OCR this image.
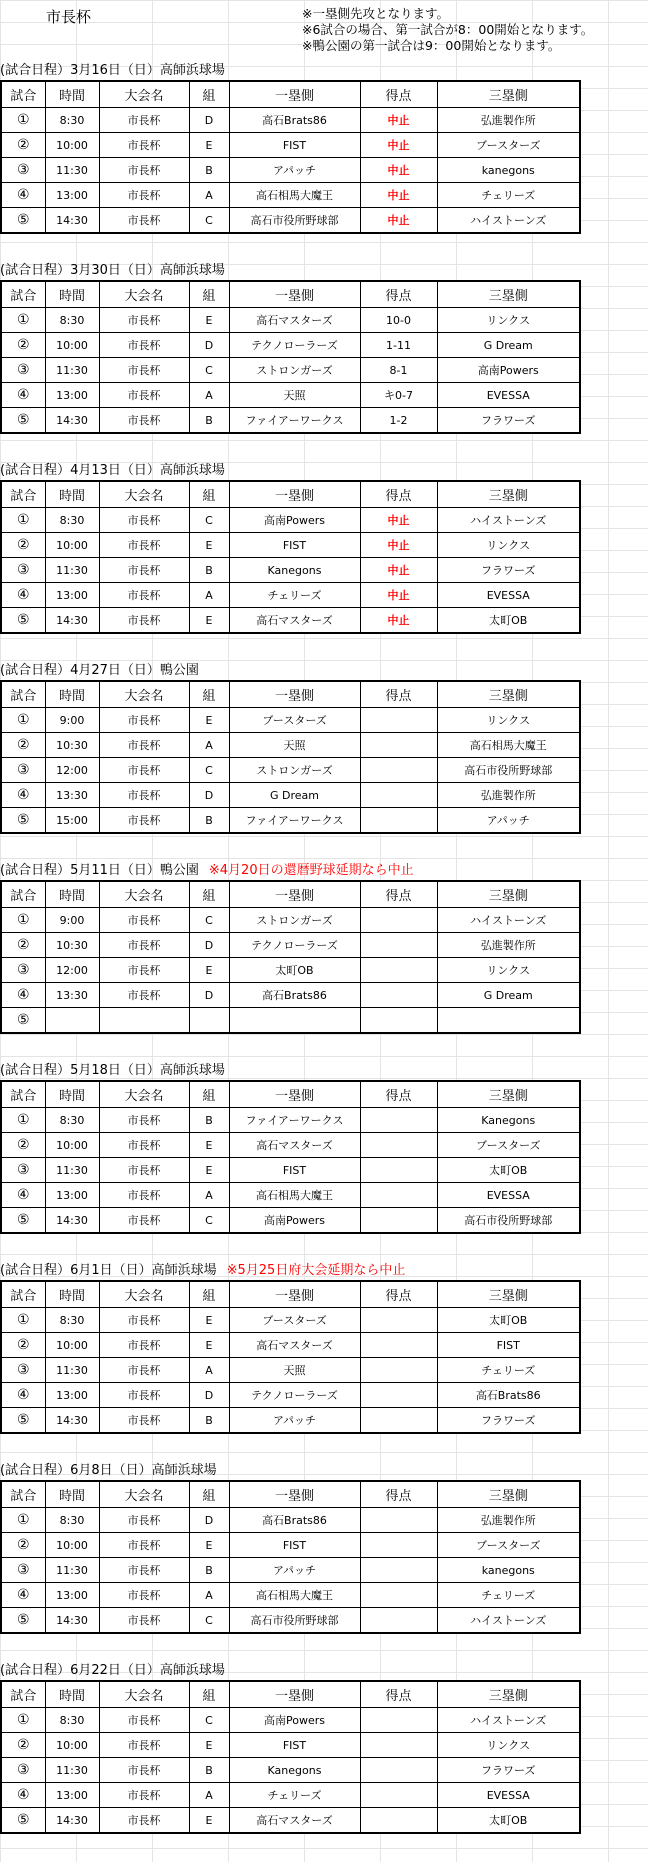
市長杯	※一塁側先攻となります。
※6試合の場合、第一試合が8：00開始となります。
※鴨公園の第一試合は9：00開始となります。
(試合日程）3月16日（日）高師浜球場
試合	時間	大会名	組	一塁側	得点	三塁側
①	8:30	市長杯	D	高石Brats86	中止	弘進製作所
②	10:00	市長杯	E	FIST	中止	ブースターズ
③	11:30	市長杯	B	アパッチ	中止	kanegons
④	13:00	市長杯	A	高石相馬大魔王	中止	チェリーズ
⑤	14:30	市長杯	C	高石市役所野球部	中止	ハイストーンズ
(試合日程）3月30日（日）高師浜球場
試合	時間	大会名	組	一塁側	得点	三塁側
①	8:30	市長杯	E	高石マスターズ	10-0	リンクス
②	10:00	市長杯	D	テクノローラーズ	1-11	G Dream
③	11:30	市長杯	C	ストロンガーズ	8-1	高南Powers
④	13:00	市長杯	A	天照	キ0-7	EVESSA
⑤	14:30	市長杯	B	ファイアーワークス	1-2	フラワーズ
(試合日程）4月13日（日）高師浜球場
試合	時間	大会名	組	一塁側	得点	三塁側
①	8:30	市長杯	C	高南Powers	中止	ハイストーンズ
②	10:00	市長杯	E	FIST	中止	リンクス
③	11:30	市長杯	B	Kanegons	中止	フラワーズ
④	13:00	市長杯	A	チェリーズ	中止	EVESSA
⑤	14:30	市長杯	E	高石マスターズ	中止	太町OB
(試合日程）4月27日（日）鴨公園
試合	時間	大会名	組	一塁側	得点	三塁側
①	9:00	市長杯	E	ブースターズ		リンクス
②	10:30	市長杯	A	天照		高石相馬大魔王
③	12:00	市長杯	C	ストロンガーズ		高石市役所野球部
④	13:30	市長杯	D	G Dream		弘進製作所
⑤	15:00	市長杯	B	ファイアーワークス		アパッチ
(試合日程）5月11日（日）鴨公園 ※4月20日の還暦野球延期なら中止
試合	時間	大会名	組	一塁側	得点	三塁側
①	9:00	市長杯	C	ストロンガーズ		ハイストーンズ
②	10:30	市長杯	D	テクノローラーズ		弘進製作所
③	12:00	市長杯	E	太町OB		リンクス
④	13:30	市長杯	D	高石Brats86		G Dream
⑤						
(試合日程）5月18日（日）高師浜球場
試合	時間	大会名	組	一塁側	得点	三塁側
①	8:30	市長杯	B	ファイアーワークス		Kanegons
②	10:00	市長杯	E	高石マスターズ		ブースターズ
③	11:30	市長杯	E	FIST		太町OB
④	13:00	市長杯	A	高石相馬大魔王		EVESSA
⑤	14:30	市長杯	C	高南Powers		高石市役所野球部
(試合日程）6月1日（日）高師浜球場 ※5月25日府大会延期なら中止
試合	時間	大会名	組	一塁側	得点	三塁側
①	8:30	市長杯	E	ブースターズ		太町OB
②	10:00	市長杯	E	高石マスターズ		FIST
③	11:30	市長杯	A	天照		チェリーズ
④	13:00	市長杯	D	テクノローラーズ		高石Brats86
⑤	14:30	市長杯	B	アパッチ		フラワーズ
(試合日程）6月8日（日）高師浜球場
試合	時間	大会名	組	一塁側	得点	三塁側
①	8:30	市長杯	D	高石Brats86		弘進製作所
②	10:00	市長杯	E	FIST		ブースターズ
③	11:30	市長杯	B	アパッチ		kanegons
④	13:00	市長杯	A	高石相馬大魔王		チェリーズ
⑤	14:30	市長杯	C	高石市役所野球部		ハイストーンズ
(試合日程）6月22日（日）高師浜球場
試合	時間	大会名	組	一塁側	得点	三塁側
①	8:30	市長杯	C	高南Powers		ハイストーンズ
②	10:00	市長杯	E	FIST		リンクス
③	11:30	市長杯	B	Kanegons		フラワーズ
④	13:00	市長杯	A	チェリーズ		EVESSA
⑤	14:30	市長杯	E	高石マスターズ		太町OB
